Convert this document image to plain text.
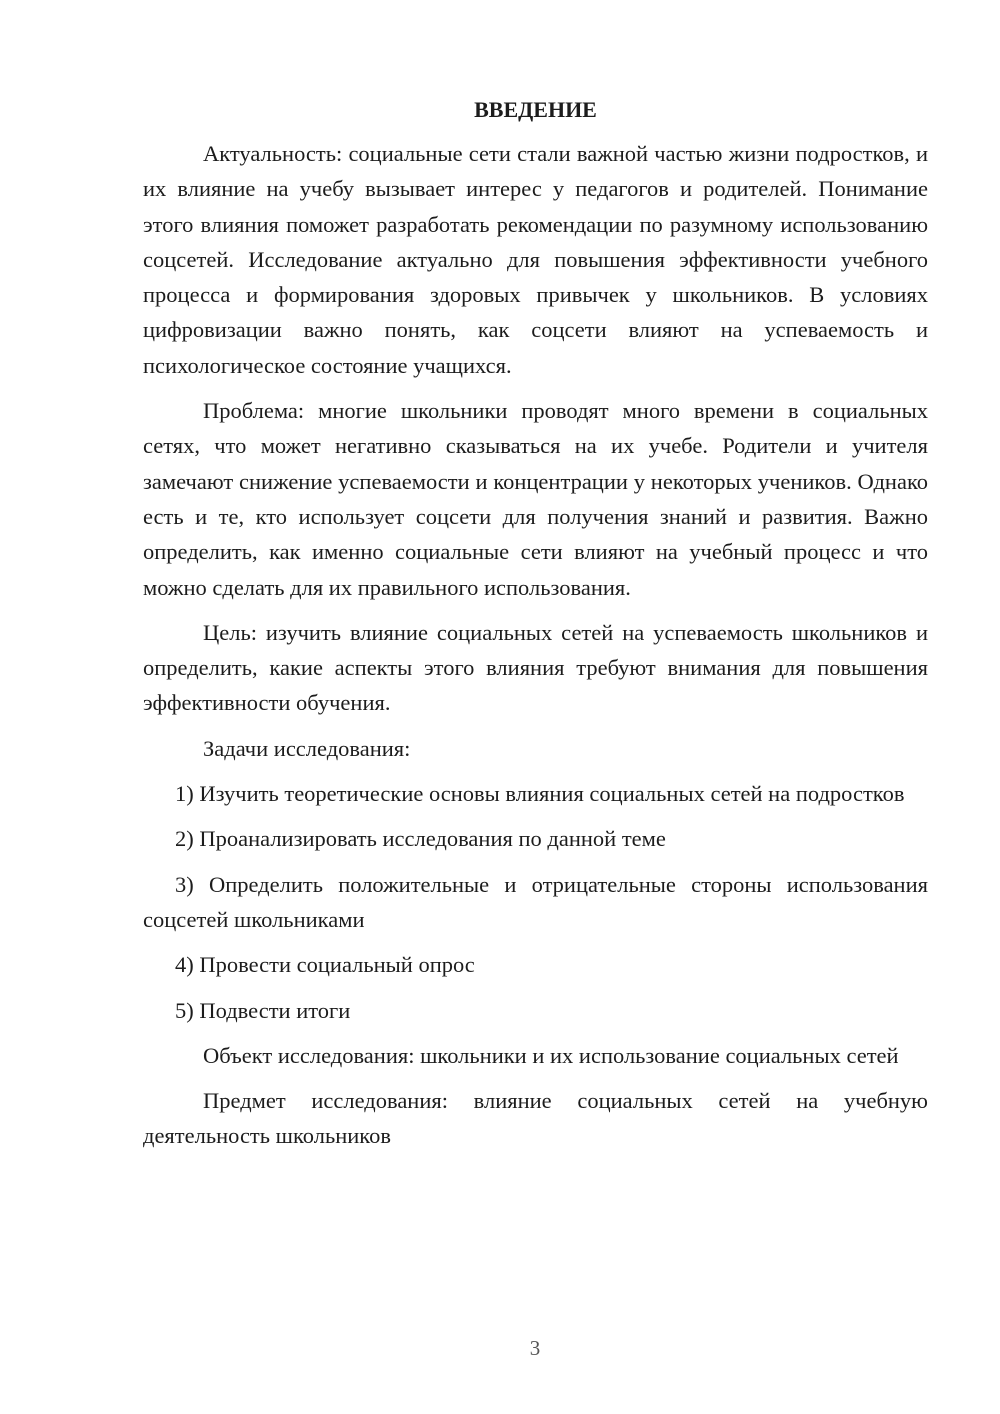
ВВЕДЕНИЕ

Актуальность: социальные сети стали важной частью жизни подростков, и их влияние на учебу вызывает интерес у педагогов и родителей. Понимание этого влияния поможет разработать рекомендации по разумному использованию соцсетей. Исследование актуально для повышения эффективности учебного процесса и формирования здоровых привычек у школьников. В условиях цифровизации важно понять, как соцсети влияют на успеваемость и психологическое состояние учащихся.

Проблема: многие школьники проводят много времени в социальных сетях, что может негативно сказываться на их учебе. Родители и учителя замечают снижение успеваемости и концентрации у некоторых учеников. Однако есть и те, кто использует соцсети для получения знаний и развития. Важно определить, как именно социальные сети влияют на учебный процесс и что можно сделать для их правильного использования.

Цель: изучить влияние социальных сетей на успеваемость школьников и определить, какие аспекты этого влияния требуют внимания для повышения эффективности обучения.

Задачи исследования:

1) Изучить теоретические основы влияния социальных сетей на подростков

2) Проанализировать исследования по данной теме

3) Определить положительные и отрицательные стороны использования соцсетей школьниками

4) Провести социальный опрос

5) Подвести итоги

Объект исследования: школьники и их использование социальных сетей

Предмет исследования: влияние социальных сетей на учебную деятельность школьников

3
